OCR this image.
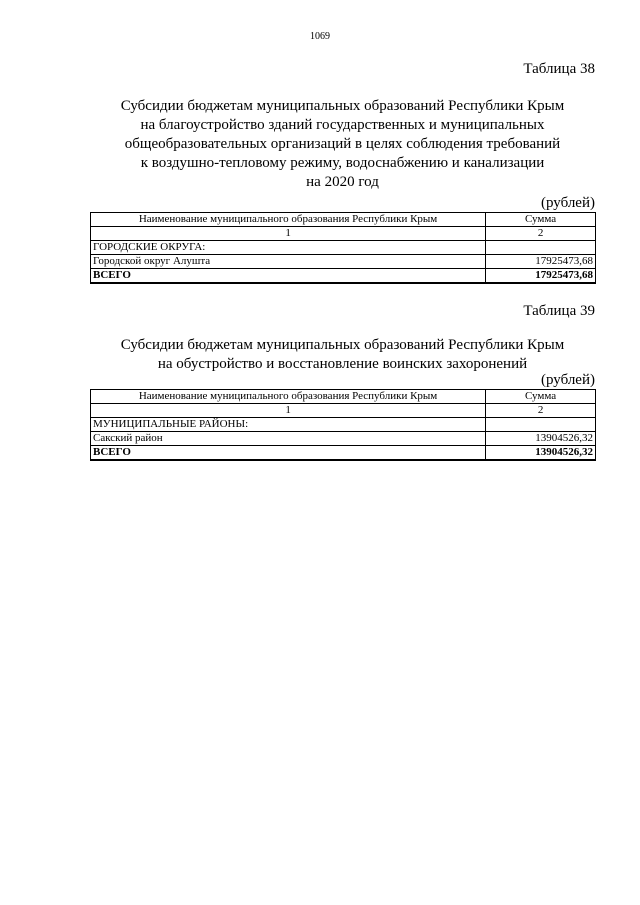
1069
Таблица 38
Субсидии бюджетам муниципальных образований Республики Крым
на благоустройство зданий государственных и муниципальных
общеобразовательных организаций в целях соблюдения требований
к воздушно-тепловому режиму, водоснабжению и канализации
на 2020 год
(рублей)
Наименование муниципального образования Республики Крым	Сумма
1	2
ГОРОДСКИЕ ОКРУГА:	
Городской округ Алушта	17925473,68
ВСЕГО	17925473,68
Таблица 39
Субсидии бюджетам муниципальных образований Республики Крым
на обустройство и восстановление воинских захоронений
(рублей)
Наименование муниципального образования Республики Крым	Сумма
1	2
МУНИЦИПАЛЬНЫЕ РАЙОНЫ:	
Сакский район	13904526,32
ВСЕГО	13904526,32
